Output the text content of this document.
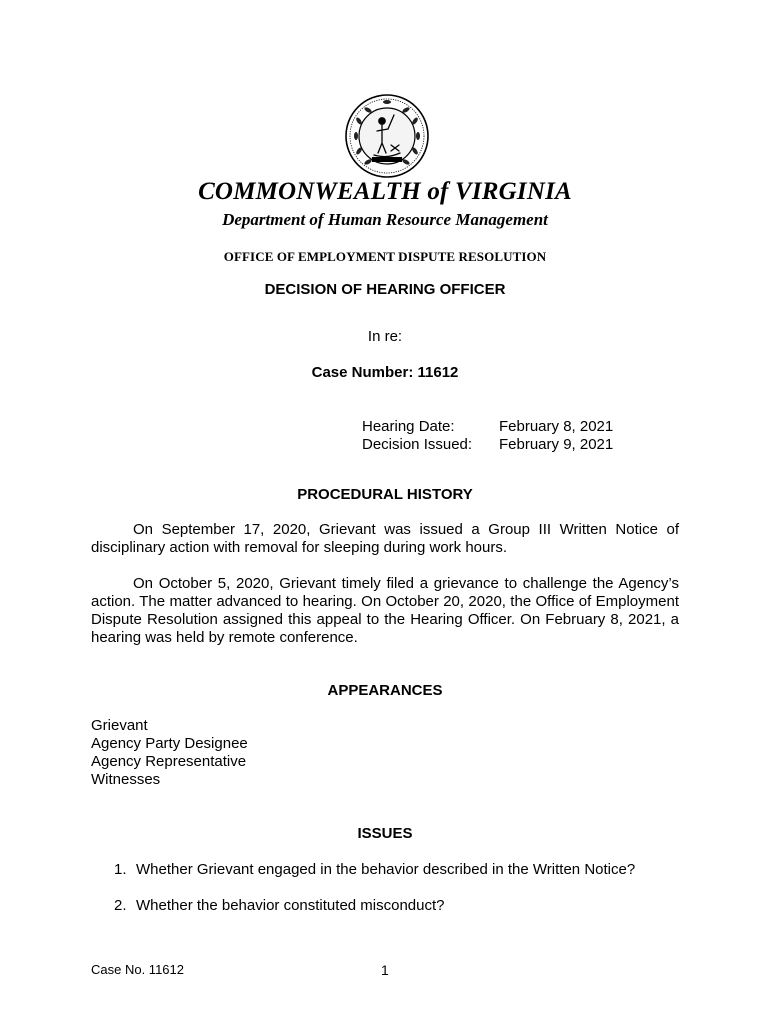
COMMONWEALTH of VIRGINIA
Department of Human Resource Management
OFFICE OF EMPLOYMENT DISPUTE RESOLUTION
DECISION OF HEARING OFFICER
In re:
Case Number: 11612
Hearing Date:	February 8, 2021
Decision Issued: February 9, 2021
PROCEDURAL HISTORY

On September 17, 2020, Grievant was issued a Group III Written Notice of disciplinary action with removal for sleeping during work hours.

On October 5, 2020, Grievant timely filed a grievance to challenge the Agency’s action. The matter advanced to hearing. On October 20, 2020, the Office of Employment Dispute Resolution assigned this appeal to the Hearing Officer. On February 8, 2021, a hearing was held by remote conference.

APPEARANCES
Grievant
Agency Party Designee
Agency Representative
Witnesses
ISSUES
1. Whether Grievant engaged in the behavior described in the Written Notice?
2. Whether the behavior constituted misconduct?
Case No. 11612	1
